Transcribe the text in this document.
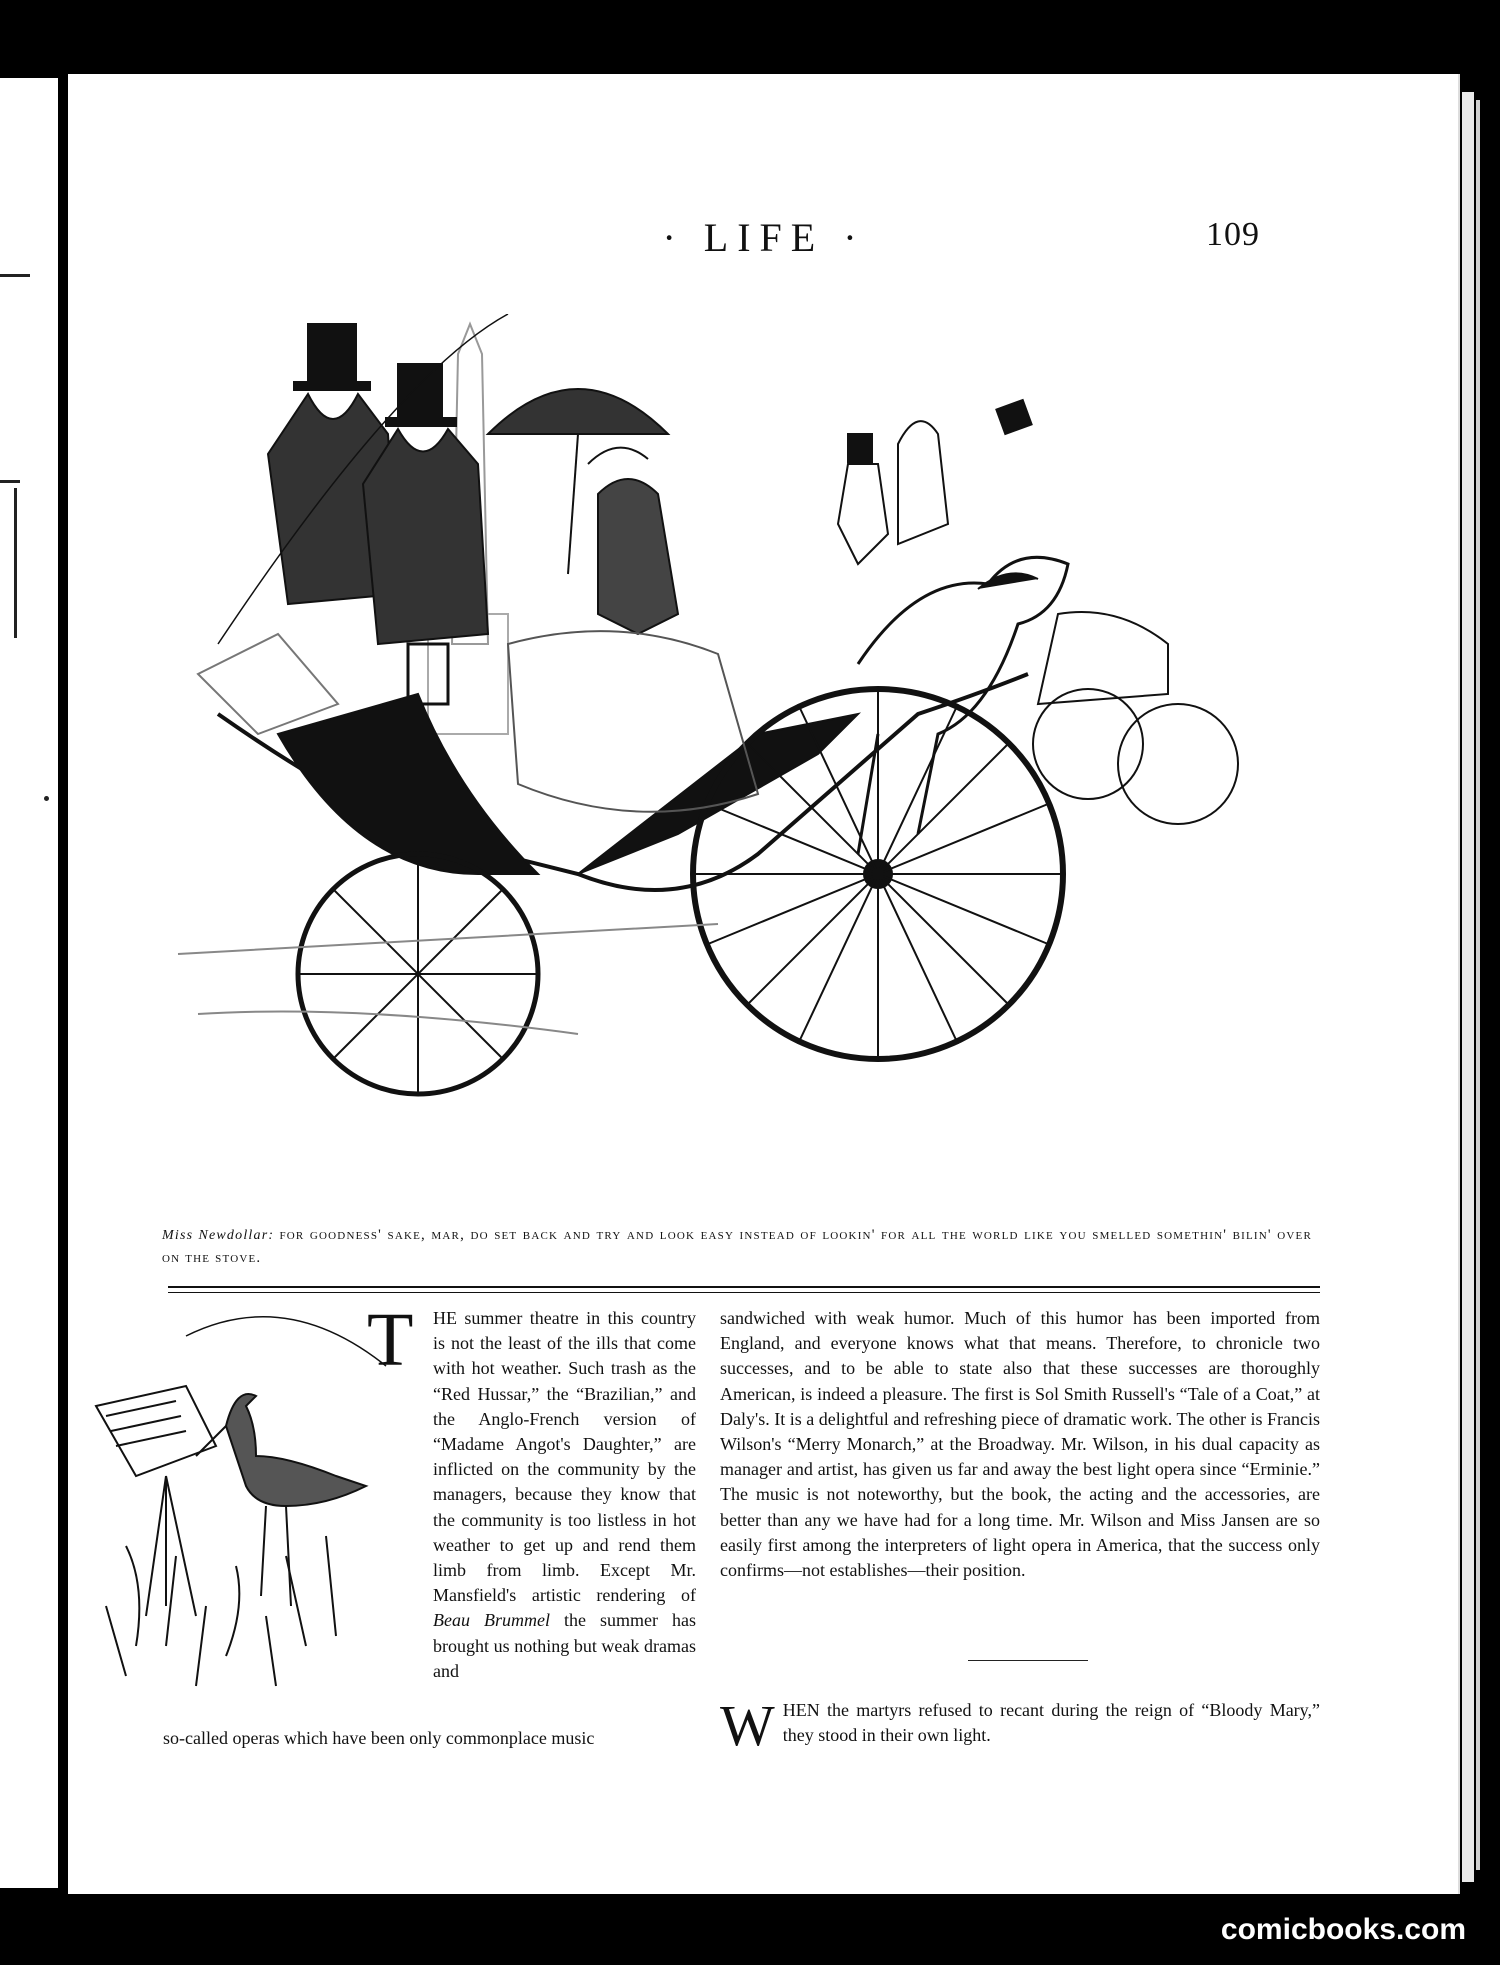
· LIFE ·	109
Miss Newdollar: for goodness' sake, mar, do set back and try and look easy instead of lookin' for all the world like you smelled somethin' bilin' over on the stove.
T HE summer theatre in this country is not the least of the ills that come with hot weather. Such trash as the “Red Hussar,” the “Brazilian,” and the Anglo-French version of “Madame Angot's Daughter,” are inflicted on the community by the managers, because they know that the community is too listless in hot weather to get up and rend them limb from limb. Except Mr. Mansfield's artistic rendering of Beau Brummel the summer has brought us nothing but weak dramas and
so-called operas which have been only commonplace music
sandwiched with weak humor. Much of this humor has been imported from England, and everyone knows what that means. Therefore, to chronicle two successes, and to be able to state also that these successes are thoroughly American, is indeed a pleasure. The first is Sol Smith Russell's “Tale of a Coat,” at Daly's. It is a delightful and refreshing piece of dramatic work. The other is Francis Wilson's “Merry Monarch,” at the Broadway. Mr. Wilson, in his dual capacity as manager and artist, has given us far and away the best light opera since “Erminie.” The music is not noteworthy, but the book, the acting and the accessories, are better than any we have had for a long time. Mr. Wilson and Miss Jansen are so easily first among the interpreters of light opera in America, that the success only confirms—not establishes—their position.
W HEN the martyrs refused to recant during the reign of “Bloody Mary,” they stood in their own light.
comicbooks.com
